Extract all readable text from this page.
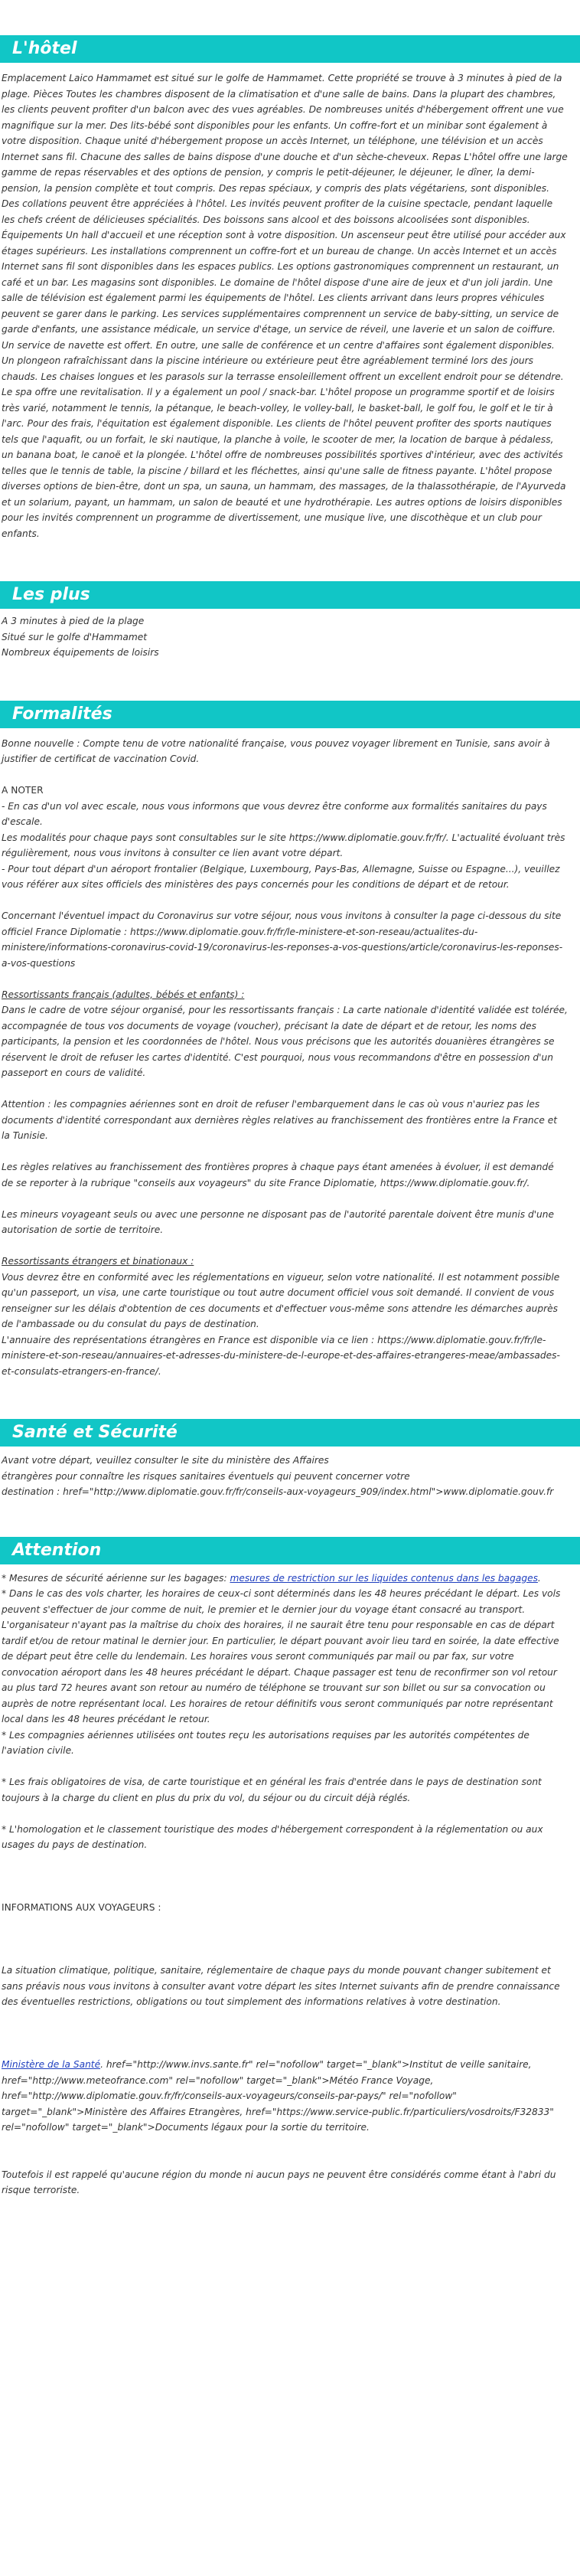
L'hôtel

Emplacement Laico Hammamet est situé sur le golfe de Hammamet. Cette propriété se trouve à 3 minutes à pied de la plage. Pièces Toutes les chambres disposent de la climatisation et d'une salle de bains. Dans la plupart des chambres, les clients peuvent profiter d'un balcon avec des vues agréables. De nombreuses unités d'hébergement offrent une vue magnifique sur la mer. Des lits-bébé sont disponibles pour les enfants. Un coffre-fort et un minibar sont également à votre disposition. Chaque unité d'hébergement propose un accès Internet, un téléphone, une télévision et un accès Internet sans fil. Chacune des salles de bains dispose d'une douche et d'un sèche-cheveux. Repas L'hôtel offre une large gamme de repas réservables et des options de pension, y compris le petit-déjeuner, le déjeuner, le dîner, la demi-pension, la pension complète et tout compris. Des repas spéciaux, y compris des plats végétariens, sont disponibles. Des collations peuvent être appréciées à l'hôtel. Les invités peuvent profiter de la cuisine spectacle, pendant laquelle les chefs créent de délicieuses spécialités. Des boissons sans alcool et des boissons alcoolisées sont disponibles. Équipements Un hall d'accueil et une réception sont à votre disposition. Un ascenseur peut être utilisé pour accéder aux étages supérieurs. Les installations comprennent un coffre-fort et un bureau de change. Un accès Internet et un accès Internet sans fil sont disponibles dans les espaces publics. Les options gastronomiques comprennent un restaurant, un café et un bar. Les magasins sont disponibles. Le domaine de l'hôtel dispose d'une aire de jeux et d'un joli jardin. Une salle de télévision est également parmi les équipements de l'hôtel. Les clients arrivant dans leurs propres véhicules peuvent se garer dans le parking. Les services supplémentaires comprennent un service de baby-sitting, un service de garde d'enfants, une assistance médicale, un service d'étage, un service de réveil, une laverie et un salon de coiffure. Un service de navette est offert. En outre, une salle de conférence et un centre d'affaires sont également disponibles. Un plongeon rafraîchissant dans la piscine intérieure ou extérieure peut être agréablement terminé lors des jours chauds. Les chaises longues et les parasols sur la terrasse ensoleillement offrent un excellent endroit pour se détendre. Le spa offre une revitalisation. Il y a également un pool / snack-bar. L'hôtel propose un programme sportif et de loisirs très varié, notamment le tennis, la pétanque, le beach-volley, le volley-ball, le basket-ball, le golf fou, le golf et le tir à l'arc. Pour des frais, l'équitation est également disponible. Les clients de l'hôtel peuvent profiter des sports nautiques tels que l'aquafit, ou un forfait, le ski nautique, la planche à voile, le scooter de mer, la location de barque à pédaless, un banana boat, le canoë et la plongée. L'hôtel offre de nombreuses possibilités sportives d'intérieur, avec des activités telles que le tennis de table, la piscine / billard et les fléchettes, ainsi qu'une salle de fitness payante. L'hôtel propose diverses options de bien-être, dont un spa, un sauna, un hammam, des massages, de la thalassothérapie, de l'Ayurveda et un solarium, payant, un hammam, un salon de beauté et une hydrothérapie. Les autres options de loisirs disponibles pour les invités comprennent un programme de divertissement, une musique live, une discothèque et un club pour enfants.

Les plus

A 3 minutes à pied de la plage

Situé sur le golfe d'Hammamet

Nombreux équipements de loisirs

Formalités

Bonne nouvelle : Compte tenu de votre nationalité française, vous pouvez voyager librement en Tunisie, sans avoir à justifier de certificat de vaccination Covid.

A NOTER

- En cas d'un vol avec escale, nous vous informons que vous devrez être conforme aux formalités sanitaires du pays d'escale.

Les modalités pour chaque pays sont consultables sur le site https://www.diplomatie.gouv.fr/fr/. L'actualité évoluant très régulièrement, nous vous invitons à consulter ce lien avant votre départ.

- Pour tout départ d'un aéroport frontalier (Belgique, Luxembourg, Pays-Bas, Allemagne, Suisse ou Espagne...), veuillez vous référer aux sites officiels des ministères des pays concernés pour les conditions de départ et de retour.

Concernant l'éventuel impact du Coronavirus sur votre séjour, nous vous invitons à consulter la page ci-dessous du site officiel France Diplomatie : https://www.diplomatie.gouv.fr/fr/le-ministere-et-son-reseau/actualites-du-ministere/informations-coronavirus-covid-19/coronavirus-les-reponses-a-vos-questions/article/coronavirus-les-reponses-a-vos-questions

Ressortissants français (adultes, bébés et enfants) :

Dans le cadre de votre séjour organisé, pour les ressortissants français : La carte nationale d'identité validée est tolérée, accompagnée de tous vos documents de voyage (voucher), précisant la date de départ et de retour, les noms des participants, la pension et les coordonnées de l'hôtel. Nous vous précisons que les autorités douanières étrangères se réservent le droit de refuser les cartes d'identité. C'est pourquoi, nous vous recommandons d'être en possession d'un passeport en cours de validité.

Attention : les compagnies aériennes sont en droit de refuser l'embarquement dans le cas où vous n'auriez pas les documents d'identité correspondant aux dernières règles relatives au franchissement des frontières entre la France et la Tunisie.

Les règles relatives au franchissement des frontières propres à chaque pays étant amenées à évoluer, il est demandé de se reporter à la rubrique "conseils aux voyageurs" du site France Diplomatie, https://www.diplomatie.gouv.fr/.

Les mineurs voyageant seuls ou avec une personne ne disposant pas de l'autorité parentale doivent être munis d'une autorisation de sortie de territoire.

Ressortissants étrangers et binationaux :

Vous devrez être en conformité avec les réglementations en vigueur, selon votre nationalité. Il est notamment possible qu'un passeport, un visa, une carte touristique ou tout autre document officiel vous soit demandé. Il convient de vous renseigner sur les délais d'obtention de ces documents et d'effectuer vous-même sons attendre les démarches auprès de l'ambassade ou du consulat du pays de destination.

L'annuaire des représentations étrangères en France est disponible via ce lien : https://www.diplomatie.gouv.fr/fr/le-ministere-et-son-reseau/annuaires-et-adresses-du-ministere-de-l-europe-et-des-affaires-etrangeres-meae/ambassades-et-consulats-etrangers-en-france/.

Santé et Sécurité

Avant votre départ, veuillez consulter le site du ministère des Affaires

étrangères pour connaître les risques sanitaires éventuels qui peuvent concerner votre

destination : href="http://www.diplomatie.gouv.fr/fr/conseils-aux-voyageurs_909/index.html">www.diplomatie.gouv.fr

Attention

* Mesures de sécurité aérienne sur les bagages: mesures de restriction sur les liquides contenus dans les bagages.

* Dans le cas des vols charter, les horaires de ceux-ci sont déterminés dans les 48 heures précédant le départ. Les vols peuvent s'effectuer de jour comme de nuit, le premier et le dernier jour du voyage étant consacré au transport. L'organisateur n'ayant pas la maîtrise du choix des horaires, il ne saurait être tenu pour responsable en cas de départ tardif et/ou de retour matinal le dernier jour. En particulier, le départ pouvant avoir lieu tard en soirée, la date effective de départ peut être celle du lendemain. Les horaires vous seront communiqués par mail ou par fax, sur votre convocation aéroport dans les 48 heures précédant le départ. Chaque passager est tenu de reconfirmer son vol retour au plus tard 72 heures avant son retour au numéro de téléphone se trouvant sur son billet ou sur sa convocation ou auprès de notre représentant local. Les horaires de retour définitifs vous seront communiqués par notre représentant local dans les 48 heures précédant le retour.

* Les compagnies aériennes utilisées ont toutes reçu les autorisations requises par les autorités compétentes de l'aviation civile.

* Les frais obligatoires de visa, de carte touristique et en général les frais d'entrée dans le pays de destination sont toujours à la charge du client en plus du prix du vol, du séjour ou du circuit déjà réglés.

* L'homologation et le classement touristique des modes d'hébergement correspondent à la réglementation ou aux usages du pays de destination.

INFORMATIONS AUX VOYAGEURS :

La situation climatique, politique, sanitaire, réglementaire de chaque pays du monde pouvant changer subitement et sans préavis nous vous invitons à consulter avant votre départ les sites Internet suivants afin de prendre connaissance des éventuelles restrictions, obligations ou tout simplement des informations relatives à votre destination.

Ministère de la Santé. href="http://www.invs.sante.fr" rel="nofollow" target="_blank">Institut de veille sanitaire, href="http://www.meteofrance.com" rel="nofollow" target="_blank">Météo France Voyage, href="http://www.diplomatie.gouv.fr/fr/conseils-aux-voyageurs/conseils-par-pays/" rel="nofollow" target="_blank">Ministère des Affaires Etrangères, href="https://www.service-public.fr/particuliers/vosdroits/F32833" rel="nofollow" target="_blank">Documents légaux pour la sortie du territoire.

Toutefois il est rappelé qu'aucune région du monde ni aucun pays ne peuvent être considérés comme étant à l'abri du risque terroriste.
